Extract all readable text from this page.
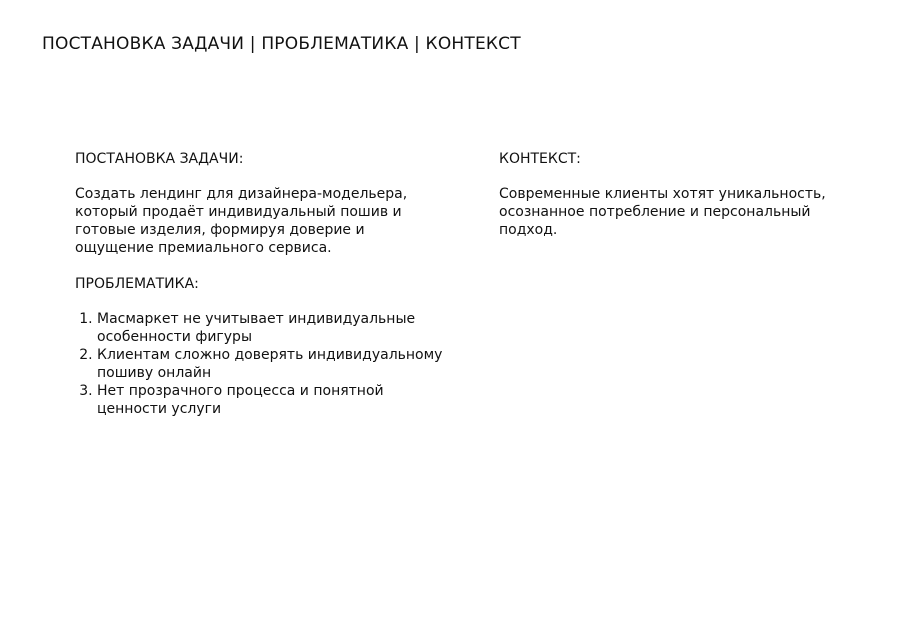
ПОСТАНОВКА ЗАДАЧИ | ПРОБЛЕМАТИКА | КОНТЕКСТ
ПОСТАНОВКА ЗАДАЧИ:

Создать лендинг для дизайнера-модельера, который продаёт индивидуальный пошив и готовые изделия, формируя доверие и ощущение премиального сервиса.

ПРОБЛЕМАТИКА:
1. Масмаркет не учитывает индивидуальные особенности фигуры
2. Клиентам сложно доверять индивидуальному пошиву онлайн
3. Нет прозрачного процесса и понятной ценности услуги
КОНТЕКСТ:

Современные клиенты хотят уникальность, осознанное потребление и персональный подход.
